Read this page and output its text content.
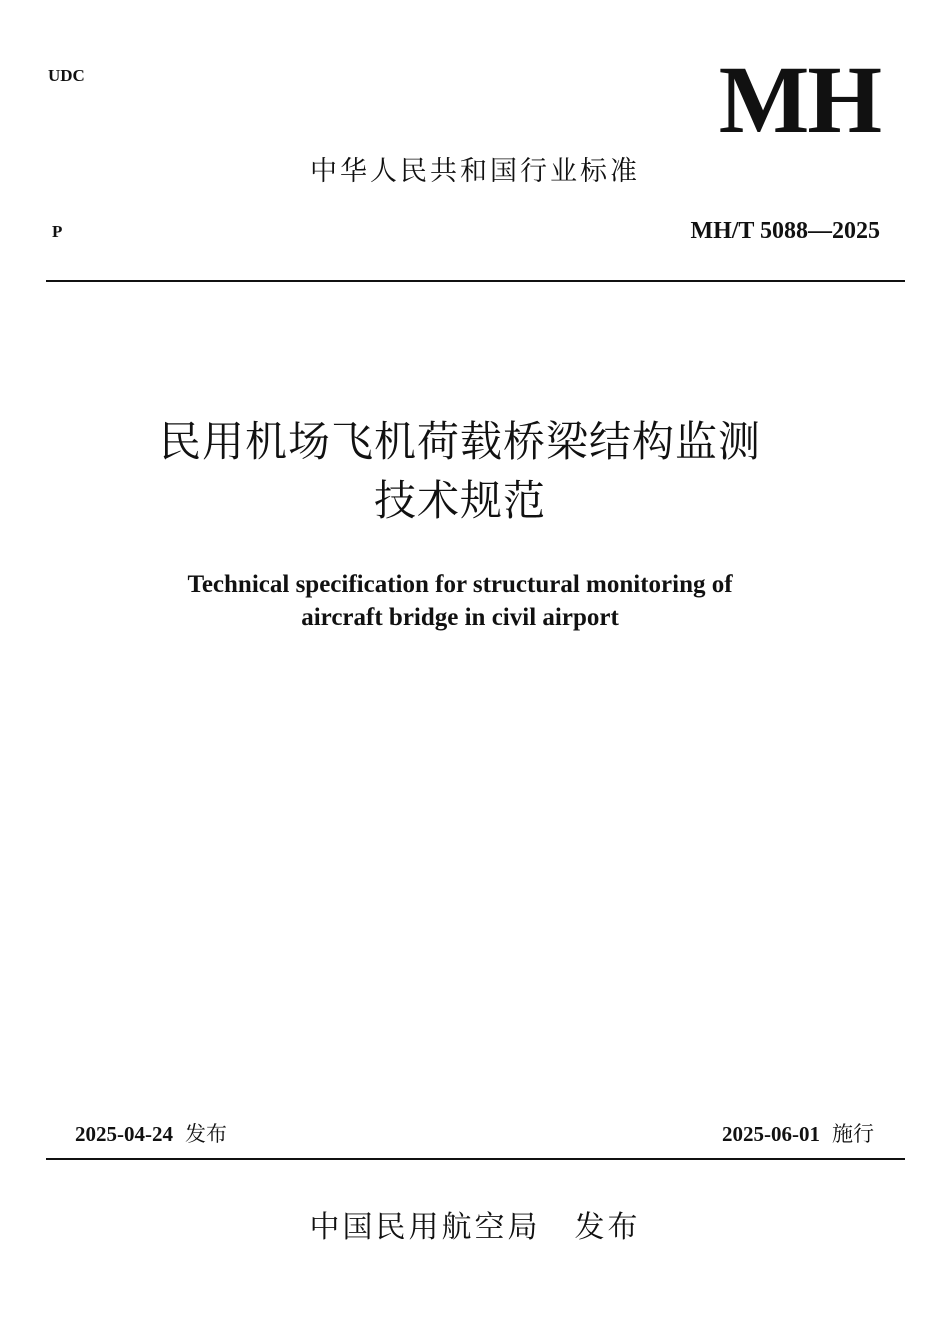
UDC	MH
中华人民共和国行业标准
P	MH/T 5088—2025
民用机场飞机荷载桥梁结构监测
技术规范
Technical specification for structural monitoring of
aircraft bridge in civil airport
2025-04-24 发布	2025-06-01 施行
中国民用航空局 发布
